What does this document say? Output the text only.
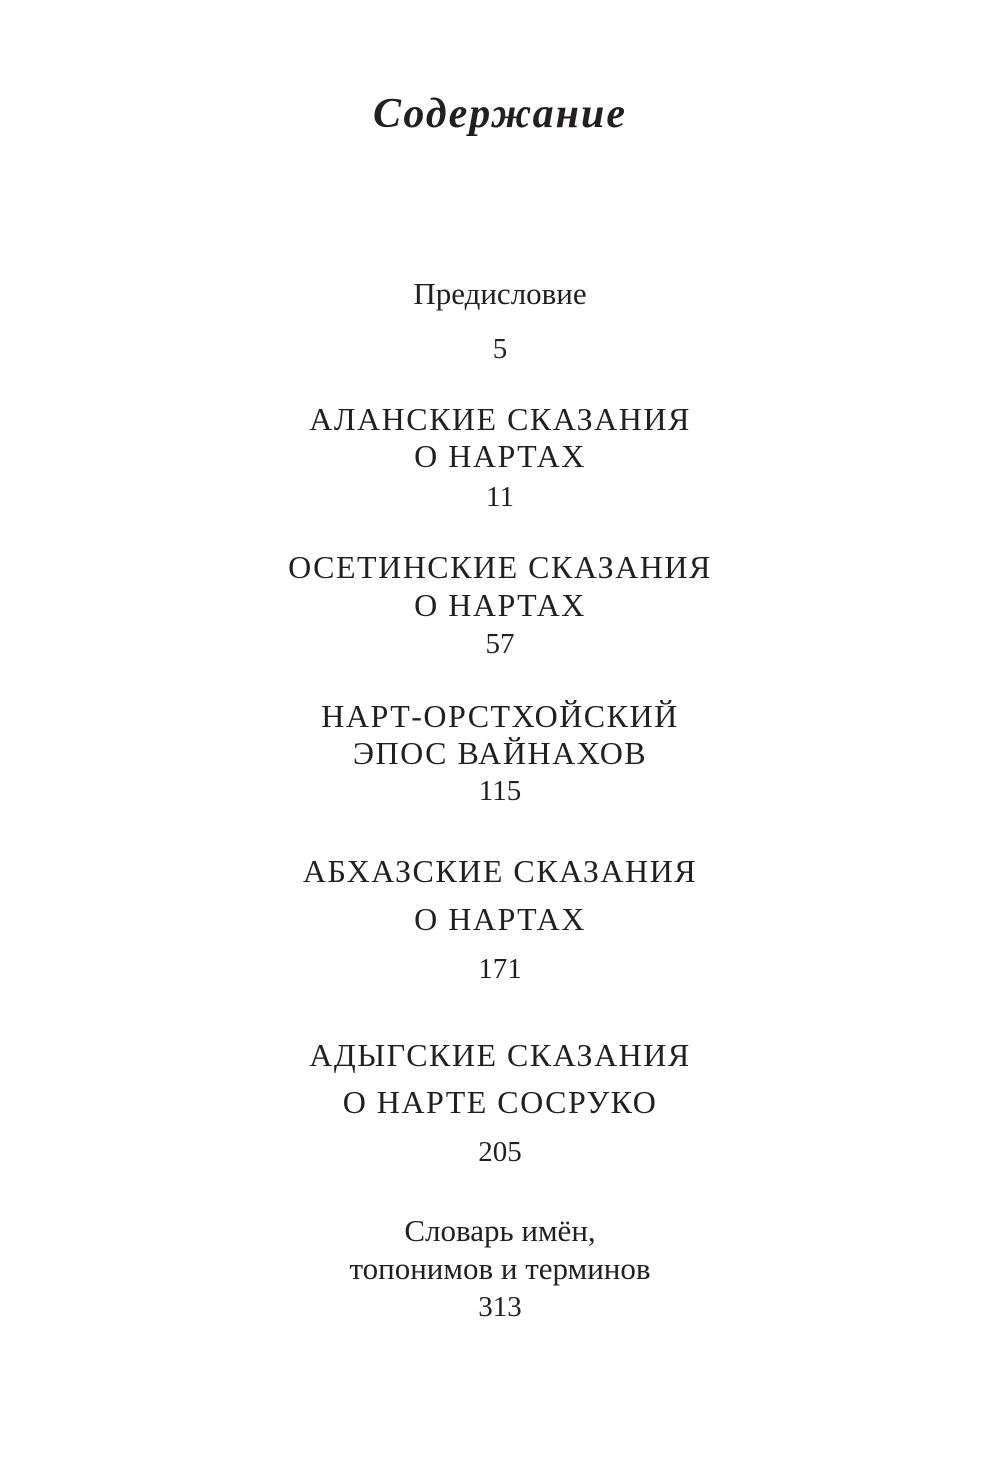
Содержание
Предисловие
5
АЛАНСКИЕ СКАЗАНИЯ
О НАРТАХ
11
ОСЕТИНСКИЕ СКАЗАНИЯ
О НАРТАХ
57
НАРТ-ОРСТХОЙСКИЙ
ЭПОС ВАЙНАХОВ
115
АБХАЗСКИЕ СКАЗАНИЯ
О НАРТАХ
171
АДЫГСКИЕ СКАЗАНИЯ
О НАРТЕ СОСРУКО
205
Словарь имён,
топонимов и терминов
313
